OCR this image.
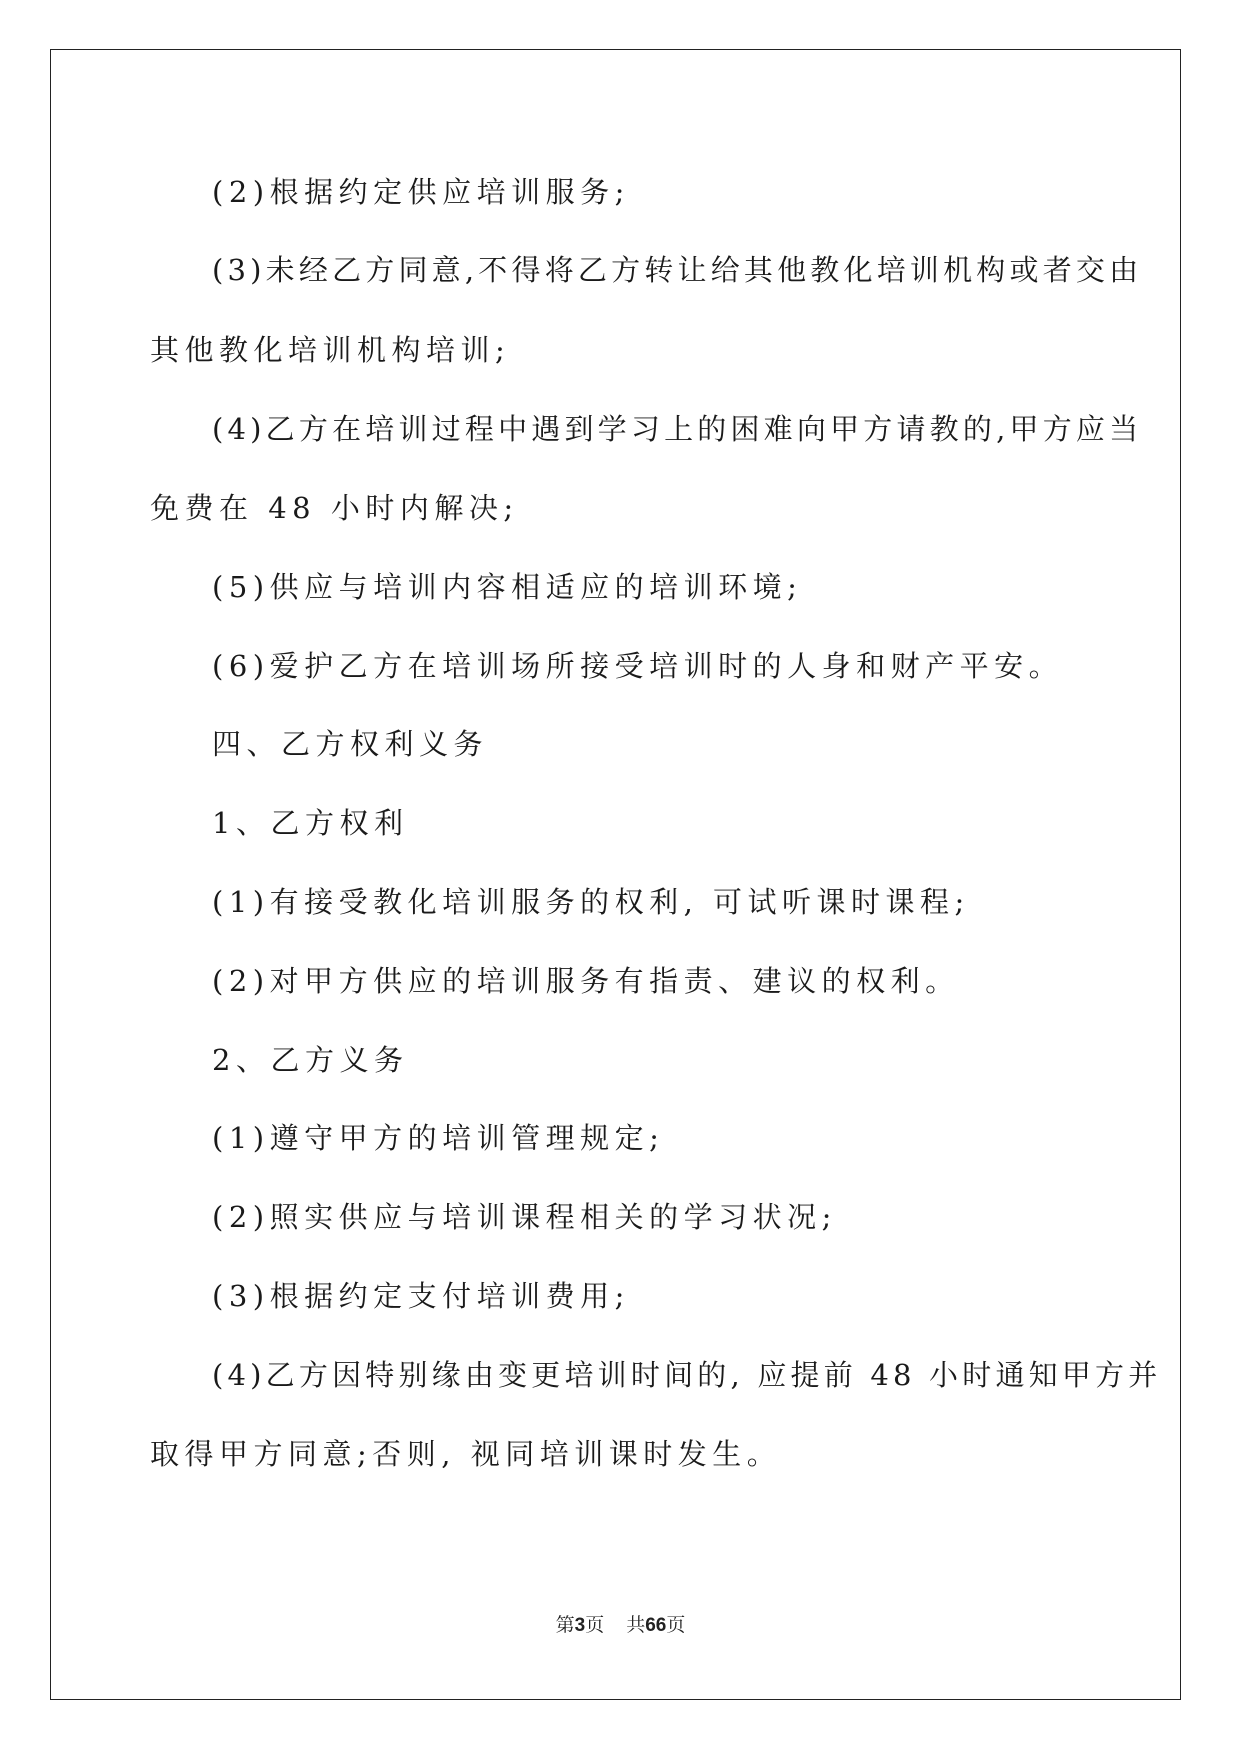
(2)根据约定供应培训服务;

(3)未经乙方同意,不得将乙方转让给其他教化培训机构或者交由

其他教化培训机构培训;

(4)乙方在培训过程中遇到学习上的困难向甲方请教的,甲方应当

免费在 48 小时内解决;

(5)供应与培训内容相适应的培训环境;

(6)爱护乙方在培训场所接受培训时的人身和财产平安。

四、乙方权利义务

1、乙方权利

(1)有接受教化培训服务的权利, 可试听课时课程;

(2)对甲方供应的培训服务有指责、建议的权利。

2、乙方义务

(1)遵守甲方的培训管理规定;

(2)照实供应与培训课程相关的学习状况;

(3)根据约定支付培训费用;

(4)乙方因特别缘由变更培训时间的, 应提前 48 小时通知甲方并

取得甲方同意;否则, 视同培训课时发生。

第3页 共66页
